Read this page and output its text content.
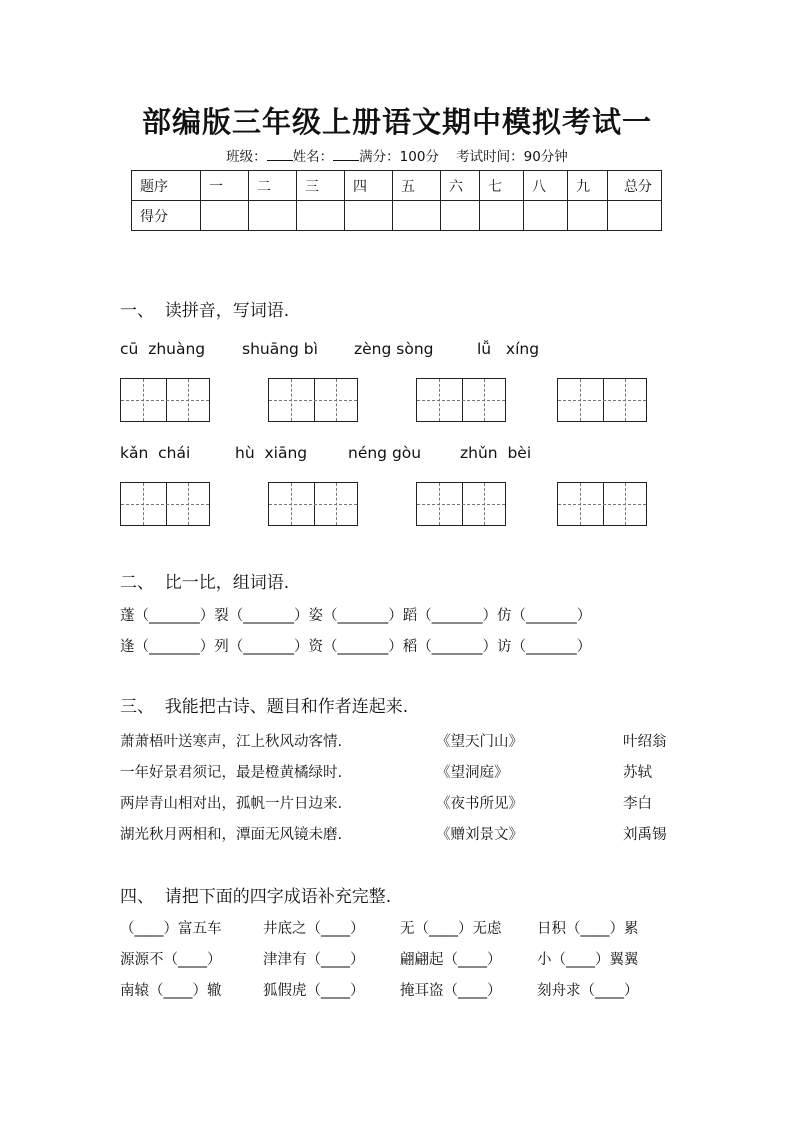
部编版三年级上册语文期中模拟考试一
班级： 姓名： 满分：100分 考试时间：90分钟
题序	一	二	三	四	五	六	七	八	九	总分
得分										
一、  读拼音，写词语.
cū  zhuàng shuāng bì zèng sòng	lǚ   xíng
kǎn  chái	hù  xiāng	néng gòu	zhǔn  bèi
二、  比一比，组词语.
蓬（_______）裂（_______）姿（_______）蹈（_______）仿（_______）
逢（_______）列（_______）资（_______）稻（_______）访（_______）
三、  我能把古诗、题目和作者连起来.
萧萧梧叶送寒声，江上秋风动客情.	《望天门山》	叶绍翁
一年好景君须记，最是橙黄橘绿时.	《望洞庭》	苏轼
两岸青山相对出，孤帆一片日边来.	《夜书所见》	李白
湖光秋月两相和，潭面无风镜未磨.	《赠刘景文》	刘禹锡
四、  请把下面的四字成语补充完整.
（____）富五车	井底之（____） 无（____）无虑 日积（____）累
源源不（____）	津津有（____） 翩翩起（____） 小（____）翼翼
南辕（____）辙	狐假虎（____） 掩耳盗（____） 刻舟求（____）
